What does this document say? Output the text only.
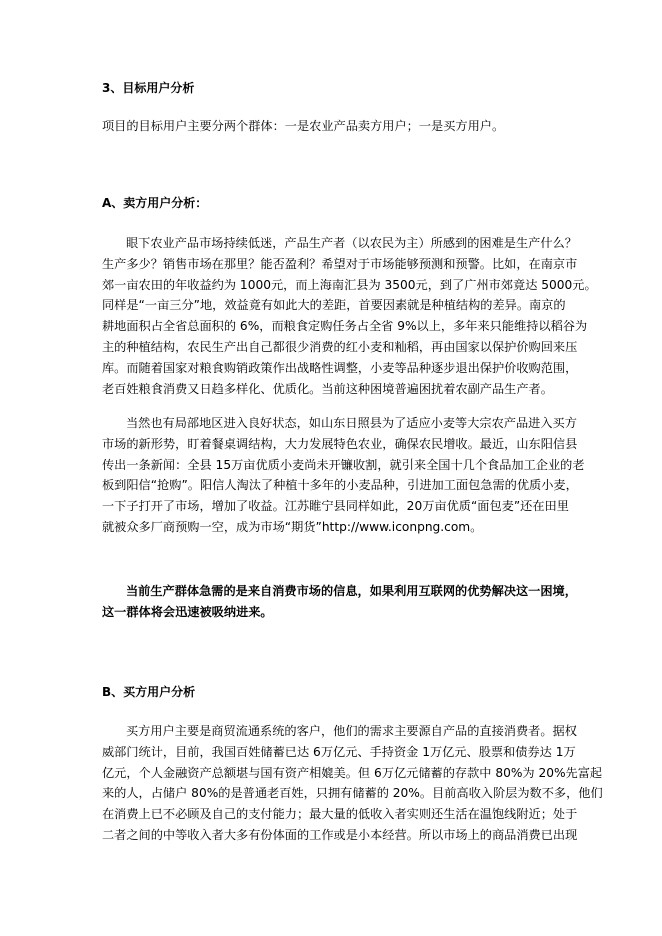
3、目标用户分析
项目的目标用户主要分两个群体：一是农业产品卖方用户；一是买方用户。
A、卖方用户分析：
眼下农业产品市场持续低迷，产品生产者（以农民为主）所感到的困难是生产什么？
生产多少？销售市场在那里？能否盈利？希望对于市场能够预测和预警。比如，在南京市
郊一亩农田的年收益约为 1000元，而上海南汇县为 3500元，到了广州市郊竟达 5000元。
同样是“一亩三分”地，效益竟有如此大的差距，首要因素就是种植结构的差异。南京的
耕地面积占全省总面积的 6%，而粮食定购任务占全省 9%以上，多年来只能维持以稻谷为
主的种植结构，农民生产出自己都很少消费的红小麦和籼稻，再由国家以保护价购回来压
库。而随着国家对粮食购销政策作出战略性调整，小麦等品种逐步退出保护价收购范围，
老百姓粮食消费又日趋多样化、优质化。当前这种困境普遍困扰着农副产品生产者。
当然也有局部地区进入良好状态，如山东日照县为了适应小麦等大宗农产品进入买方
市场的新形势，盯着餐桌调结构，大力发展特色农业，确保农民增收。最近，山东阳信县
传出一条新闻：全县 15万亩优质小麦尚未开镰收割，就引来全国十几个食品加工企业的老
板到阳信“抢购”。阳信人淘汰了种植十多年的小麦品种，引进加工面包急需的优质小麦，
一下子打开了市场，增加了收益。江苏睢宁县同样如此，20万亩优质“面包麦”还在田里
就被众多厂商预购一空，成为市场“期货”http://www.iconpng.com。
当前生产群体急需的是来自消费市场的信息，如果利用互联网的优势解决这一困境，
这一群体将会迅速被吸纳进来。
B、买方用户分析
买方用户主要是商贸流通系统的客户，他们的需求主要源自产品的直接消费者。据权
威部门统计，目前，我国百姓储蓄已达 6万亿元、手持资金 1万亿元、股票和债券达 1万
亿元，个人金融资产总额堪与国有资产相媲美。但 6万亿元储蓄的存款中 80%为 20%先富起
来的人，占储户 80%的是普通老百姓，只拥有储蓄的 20%。目前高收入阶层为数不多，他们
在消费上已不必顾及自己的支付能力；最大量的低收入者实则还生活在温饱线附近；处于
二者之间的中等收入者大多有份体面的工作或是小本经营。所以市场上的商品消费已出现
